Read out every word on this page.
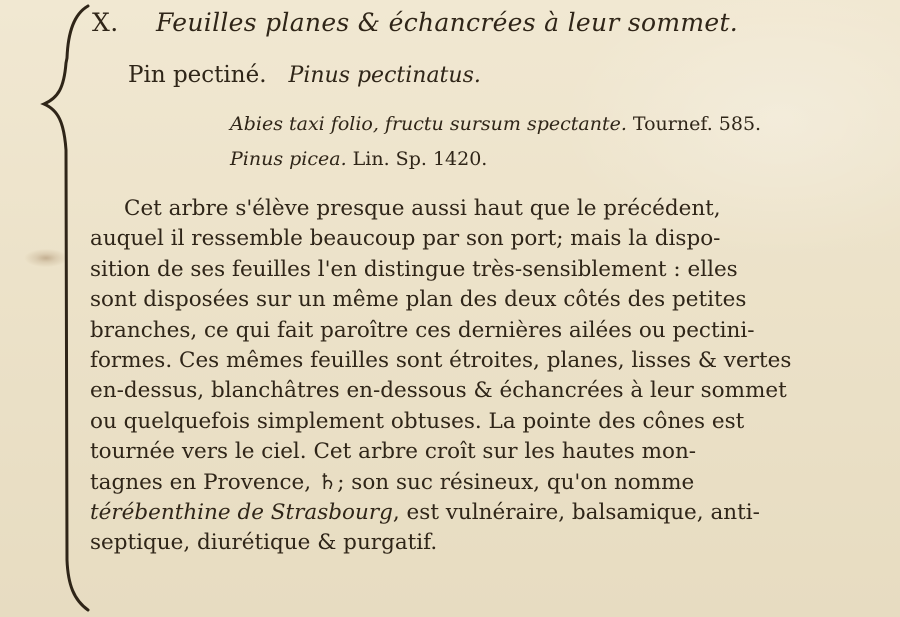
X.	Feuilles planes & échancrées à leur sommet.
Pin pectiné. Pinus pectinatus.
Abies taxi folio, fructu sursum spectante. Tournef. 585.
Pinus picea. Lin. Sp. 1420.
Cet arbre s'élève presque aussi haut que le précédent,
auquel il ressemble beaucoup par son port; mais la dispo-
sition de ses feuilles l'en distingue très-sensiblement : elles
sont disposées sur un même plan des deux côtés des petites
branches, ce qui fait paroître ces dernières ailées ou pectini-
formes. Ces mêmes feuilles sont étroites, planes, lisses & vertes
en-dessus, blanchâtres en-dessous & échancrées à leur sommet
ou quelquefois simplement obtuses. La pointe des cônes est
tournée vers le ciel. Cet arbre croît sur les hautes mon-
tagnes en Provence, ♄; son suc résineux, qu'on nomme
térébenthine de Strasbourg, est vulnéraire, balsamique, anti-
septique, diurétique & purgatif.
